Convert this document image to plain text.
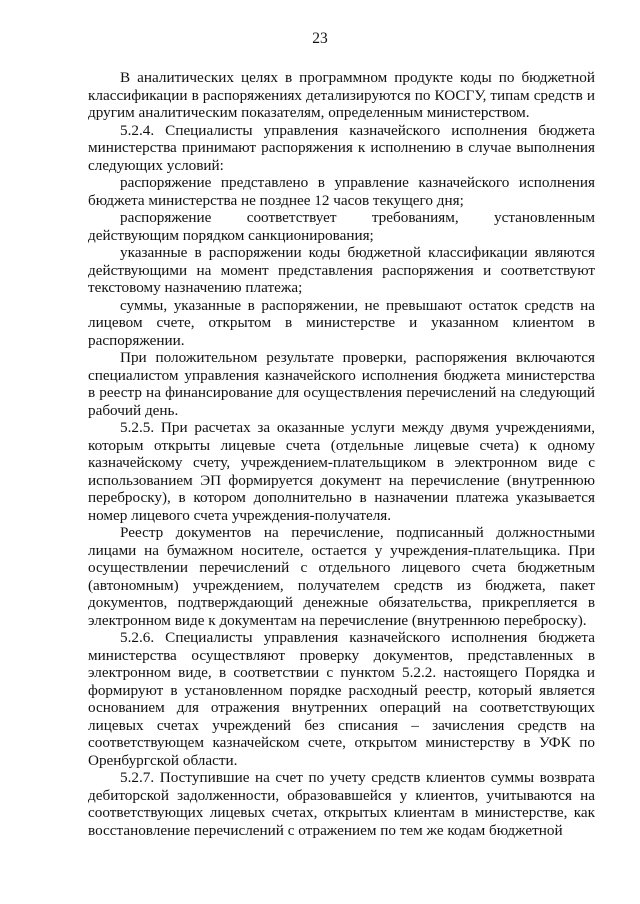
23

В аналитических целях в программном продукте коды по бюджетной классификации в распоряжениях детализируются по КОСГУ, типам средств и другим аналитическим показателям, определенным министерством.

5.2.4. Специалисты управления казначейского исполнения бюджета министерства принимают распоряжения к исполнению в случае выполнения следующих условий:

распоряжение представлено в управление казначейского исполнения бюджета министерства не позднее 12 часов текущего дня;

распоряжение соответствует требованиям, установленным действующим порядком санкционирования;

указанные в распоряжении коды бюджетной классификации являются действующими на момент представления распоряжения и соответствуют текстовому назначению платежа;

суммы, указанные в распоряжении, не превышают остаток средств на лицевом счете, открытом в министерстве и указанном клиентом в распоряжении.

При положительном результате проверки, распоряжения включаются специалистом управления казначейского исполнения бюджета министерства в реестр на финансирование для осуществления перечислений на следующий рабочий день.

5.2.5. При расчетах за оказанные услуги между двумя учреждениями, которым открыты лицевые счета (отдельные лицевые счета) к одному казначейскому счету, учреждением-плательщиком в электронном виде с использованием ЭП формируется документ на перечисление (внутреннюю переброску), в котором дополнительно в назначении платежа указывается номер лицевого счета учреждения-получателя.

Реестр документов на перечисление, подписанный должностными лицами на бумажном носителе, остается у учреждения-плательщика. При осуществлении перечислений с отдельного лицевого счета бюджетным (автономным) учреждением, получателем средств из бюджета, пакет документов, подтверждающий денежные обязательства, прикрепляется в электронном виде к документам на перечисление (внутреннюю переброску).

5.2.6. Специалисты управления казначейского исполнения бюджета министерства осуществляют проверку документов, представленных в электронном виде, в соответствии с пунктом 5.2.2. настоящего Порядка и формируют в установленном порядке расходный реестр, который является основанием для отражения внутренних операций на соответствующих лицевых счетах учреждений без списания – зачисления средств на соответствующем казначейском счете, открытом министерству в УФК по Оренбургской области.

5.2.7. Поступившие на счет по учету средств клиентов суммы возврата дебиторской задолженности, образовавшейся у клиентов, учитываются на соответствующих лицевых счетах, открытых клиентам в министерстве, как восстановление перечислений с отражением по тем же кодам бюджетной
